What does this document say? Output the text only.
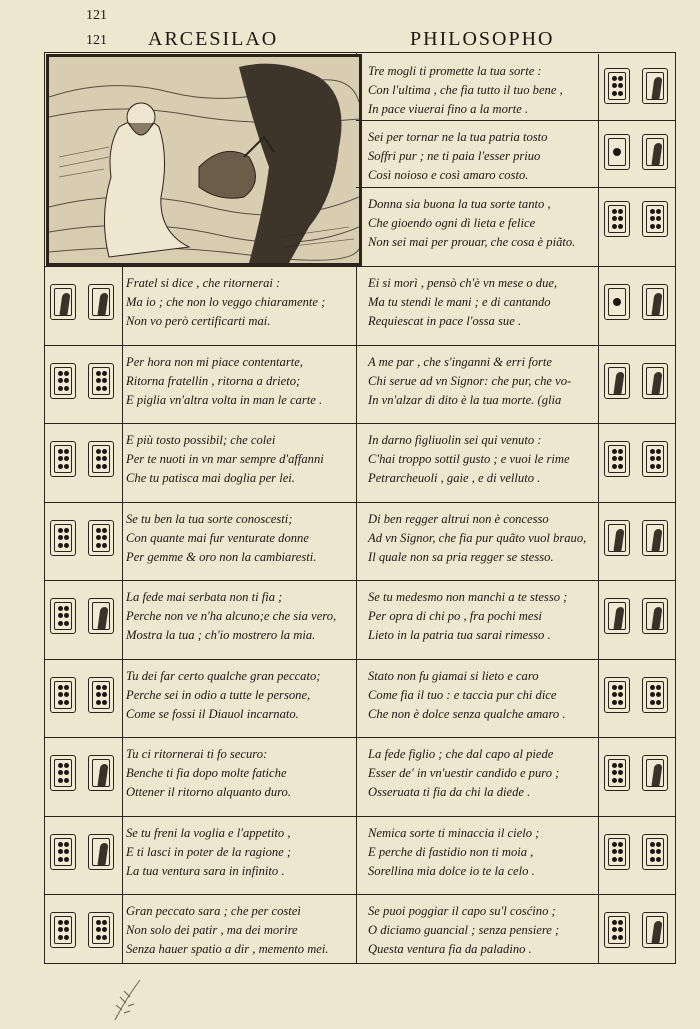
121
121 ARCESILAO	PHILOSOPHO
Tre mogli ti promette la tua sorte :
Con l'ultima , che fia tutto il tuo bene ,
In pace viuerai fino a la morte .
Sei per tornar ne la tua patria tosto
Soffri pur ; ne ti paia l'esser priuo
Così noioso e così amaro costo.
Donna sia buona la tua sorte tanto ,
Che gioendo ogni dì lieta e felice
Non sei mai per prouar, che cosa è piãto.
Fratel si dice , che ritornerai :
Ma io ; che non lo veggo chiaramente ;
Non vo però certificarti mai.
Ei si morì , pensò ch'è vn mese o due,
Ma tu stendi le mani ; e di cantando
Requiescat in pace l'ossa sue .
Per hora non mi piace contentarte,
Ritorna fratellin , ritorna a drieto;
E piglia vn'altra volta in man le carte .
A me par , che s'inganni & erri forte
Chi serue ad vn Signor: che pur, che vo-
In vn'alzar di dito è la tua morte. (glia
E più tosto possibil; che colei
Per te nuoti in vn mar sempre d'affanni
Che tu patisca mai doglia per lei.
In darno figliuolin sei qui venuto :
C'hai troppo sottil gusto ; e vuoi le rime
Petrarcheuoli , gaie , e di velluto .
Se tu ben la tua sorte conoscesti;
Con quante mai fur venturate donne
Per gemme & oro non la cambiaresti.
Di ben regger altrui non è concesso
Ad vn Signor, che fia pur quãto vuol brauo,
Il quale non sa pria regger se stesso.
La fede mai serbata non ti fia ;
Perche non ve n'ha alcuno;e che sia vero,
Mostra la tua ; ch'io mostrero la mia.
Se tu medesmo non manchi a te stesso ;
Per opra di chi po , fra pochi mesi
Lieto in la patria tua sarai rimesso .
Tu dei far certo qualche gran peccato;
Perche sei in odio a tutte le persone,
Come se fossi il Diauol incarnato.
Stato non fu giamai si lieto e caro
Come fia il tuo : e taccia pur chi dice
Che non è dolce senza qualche amaro .
Tu ci ritornerai ti fo securo:
Benche ti fia dopo molte fatiche
Ottener il ritorno alquanto duro.
La fede figlio ; che dal capo al piede
Esser de' in vn'uestir candido e puro ;
Osseruata ti fia da chi la diede .
Se tu freni la voglia e l'appetito ,
E ti lasci in poter de la ragione ;
La tua ventura sara in infinito .
Nemica sorte ti minaccia il cielo ;
E perche di fastidio non ti moia ,
Sorellina mia dolce io te la celo .
Gran peccato sara ; che per costeì
Non solo dei patir , ma dei morire
Senza hauer spatio a dir , memento mei.
Se puoi poggiar il capo su'l cosćino ;
O diciamo guancial ; senza pensiere ;
Questa ventura fia da paladino .
